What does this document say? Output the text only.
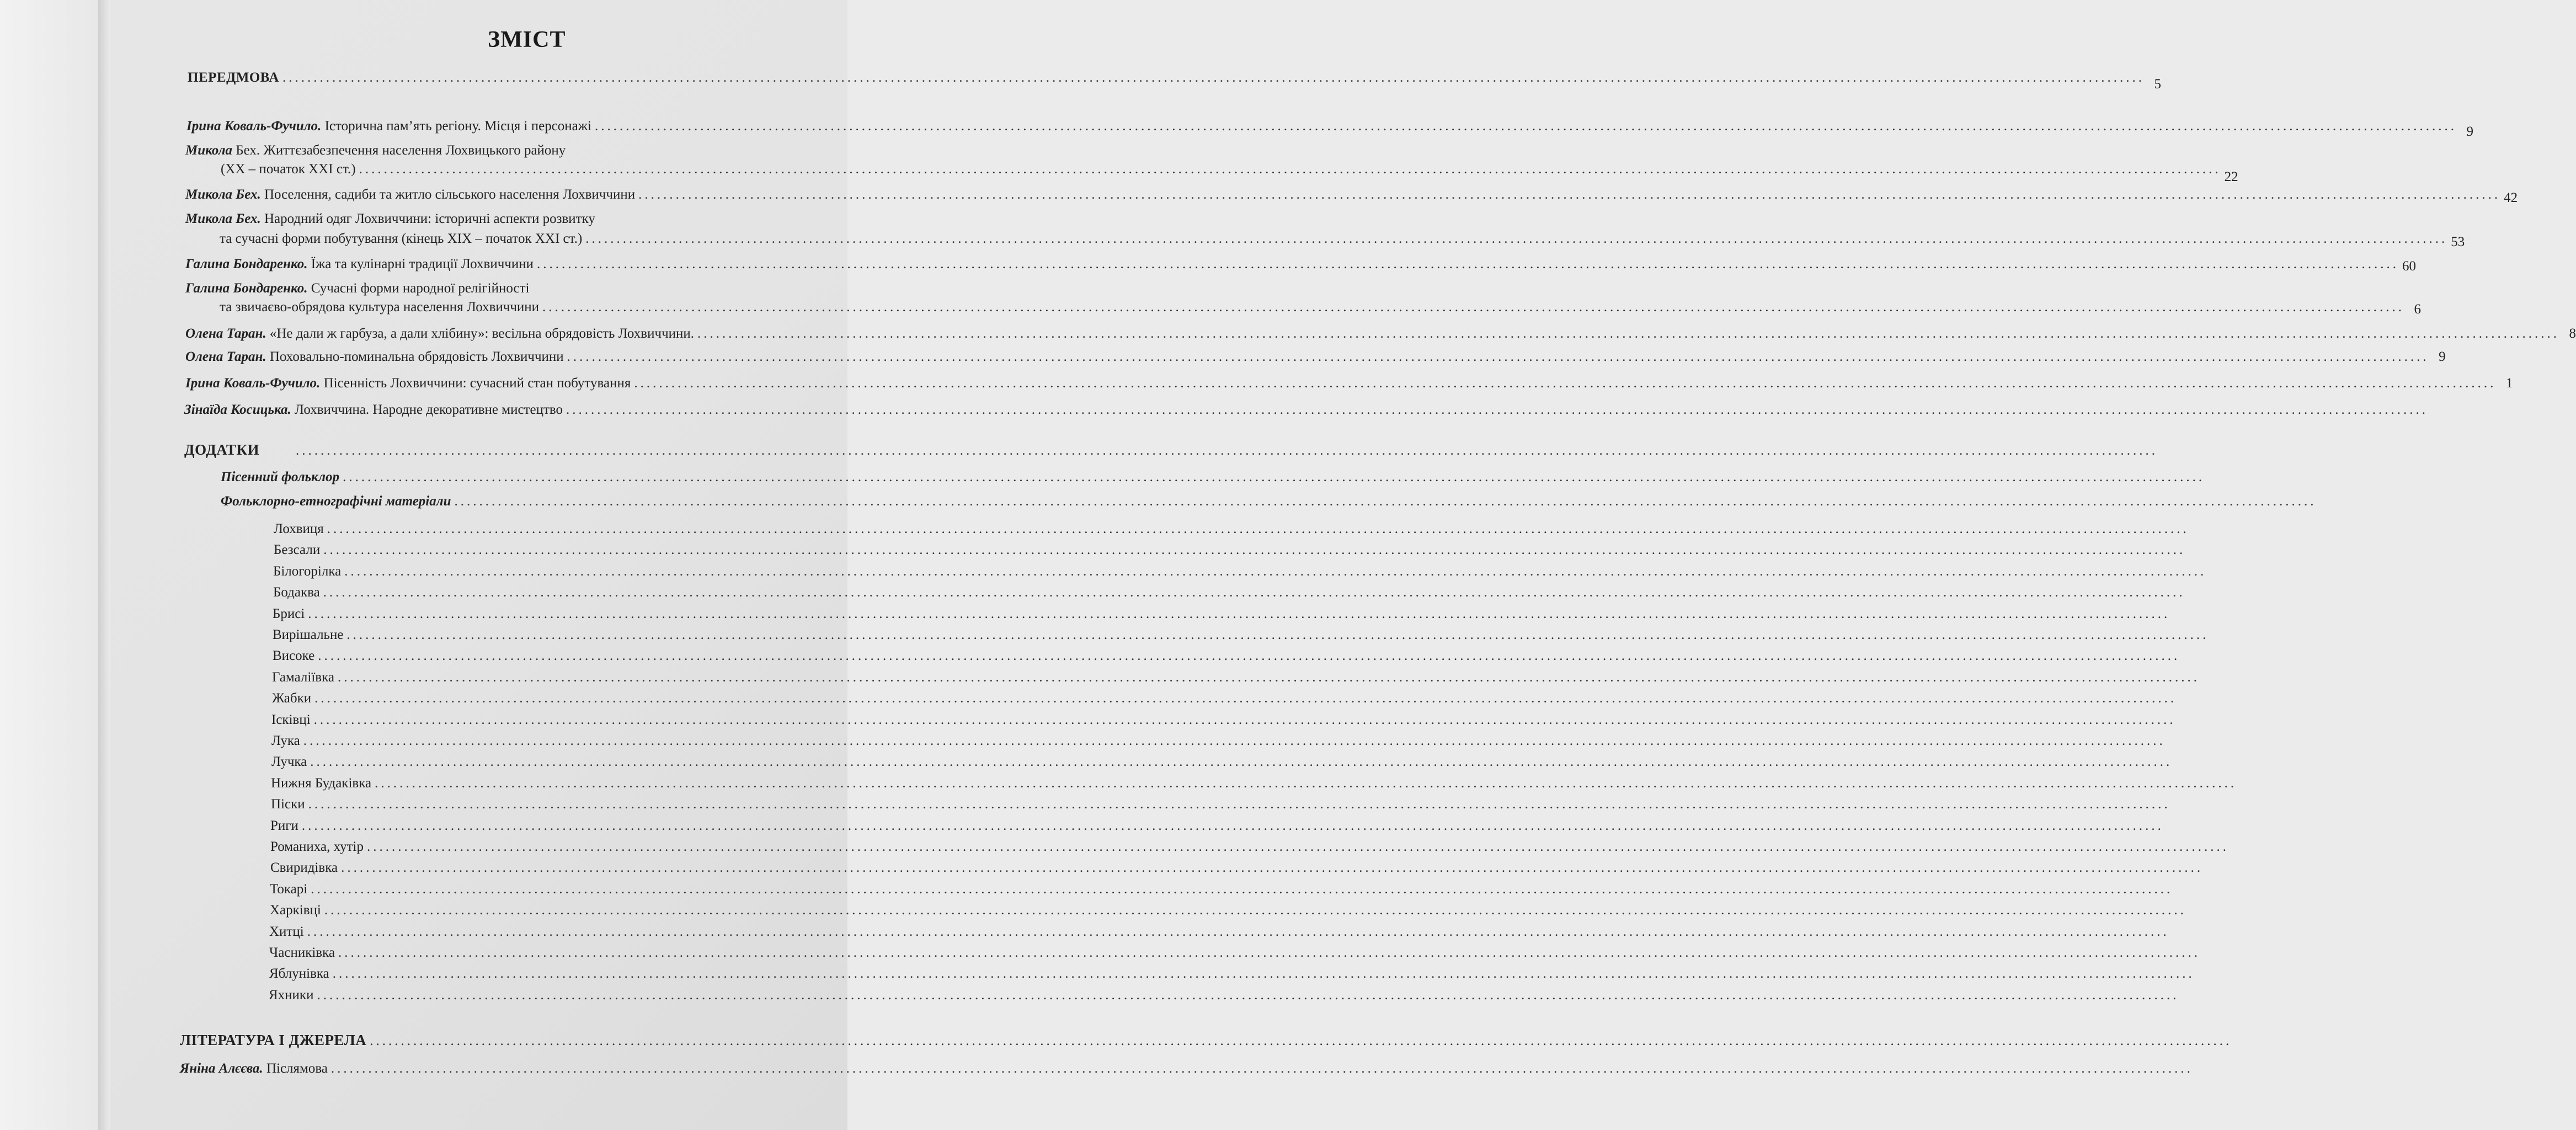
ЗМІСТ
ПЕРЕДМОВА ............................................................................................................................................................................................................................................................................................................ 5
Ірина Коваль-Фучило. Історична пам’ять регіону. Місця і персонажі ............................................................................................................................................................................................................................................................................................................ 9
Микола Бех. Життєзабезпечення населення Лохвицького району
(ХХ – початок ХХІ ст.) ............................................................................................................................................................................................................................................................................................................
22
Микола Бех. Поселення, садиби та житло сільського населення Лохвиччини ............................................................................................................................................................................................................................................................................................................ 42
Микола Бех. Народний одяг Лохвиччини: історичні аспекти розвитку
та сучасні форми побутування (кінець ХІХ – початок ХХІ ст.) ............................................................................................................................................................................................................................................................................................................ 53
Галина Бондаренко. Їжа та кулінарні традиції Лохвиччини ............................................................................................................................................................................................................................................................................................................ 60
Галина Бондаренко. Сучасні форми народної релігійності
та звичаєво-обрядова культура населення Лохвиччини ............................................................................................................................................................................................................................................................................................................ 6
Олена Таран. «Не дали ж гарбуза, а дали хлібину»: весільна обрядовість Лохвиччини. ............................................................................................................................................................................................................................................................................................................ 8
Олена Таран. Поховально-поминальна обрядовість Лохвиччини ............................................................................................................................................................................................................................................................................................................ 9
Ірина Коваль-Фучило. Пісенність Лохвиччини: сучасний стан побутування ............................................................................................................................................................................................................................................................................................................ 1
Зінаїда Косицька. Лохвиччина. Народне декоративне мистецтво ............................................................................................................................................................................................................................................................................................................
ДОДАТКИ	............................................................................................................................................................................................................................................................................................................
Пісенний фольклор ............................................................................................................................................................................................................................................................................................................
Фольклорно-етнографічні матеріали ............................................................................................................................................................................................................................................................................................................
Лохвиця ............................................................................................................................................................................................................................................................................................................
Безсали ............................................................................................................................................................................................................................................................................................................
Білогорілка ............................................................................................................................................................................................................................................................................................................
Бодаква ............................................................................................................................................................................................................................................................................................................
Брисі ............................................................................................................................................................................................................................................................................................................
Вирішальне ............................................................................................................................................................................................................................................................................................................
Високе ............................................................................................................................................................................................................................................................................................................
Гамаліївка ............................................................................................................................................................................................................................................................................................................
Жабки ............................................................................................................................................................................................................................................................................................................
Ісківці ............................................................................................................................................................................................................................................................................................................
Лука ............................................................................................................................................................................................................................................................................................................
Лучка ............................................................................................................................................................................................................................................................................................................
Нижня Будаківка ............................................................................................................................................................................................................................................................................................................
Піски ............................................................................................................................................................................................................................................................................................................
Риги ............................................................................................................................................................................................................................................................................................................
Романиха, хутір ............................................................................................................................................................................................................................................................................................................
Свиридівка ............................................................................................................................................................................................................................................................................................................
Токарі ............................................................................................................................................................................................................................................................................................................
Харківці ............................................................................................................................................................................................................................................................................................................
Хитці ............................................................................................................................................................................................................................................................................................................
Часниківка ............................................................................................................................................................................................................................................................................................................
Яблунівка ............................................................................................................................................................................................................................................................................................................
Яхники ............................................................................................................................................................................................................................................................................................................
ЛІТЕРАТУРА І ДЖЕРЕЛА ............................................................................................................................................................................................................................................................................................................
Яніна Алєєва. Післямова ............................................................................................................................................................................................................................................................................................................
